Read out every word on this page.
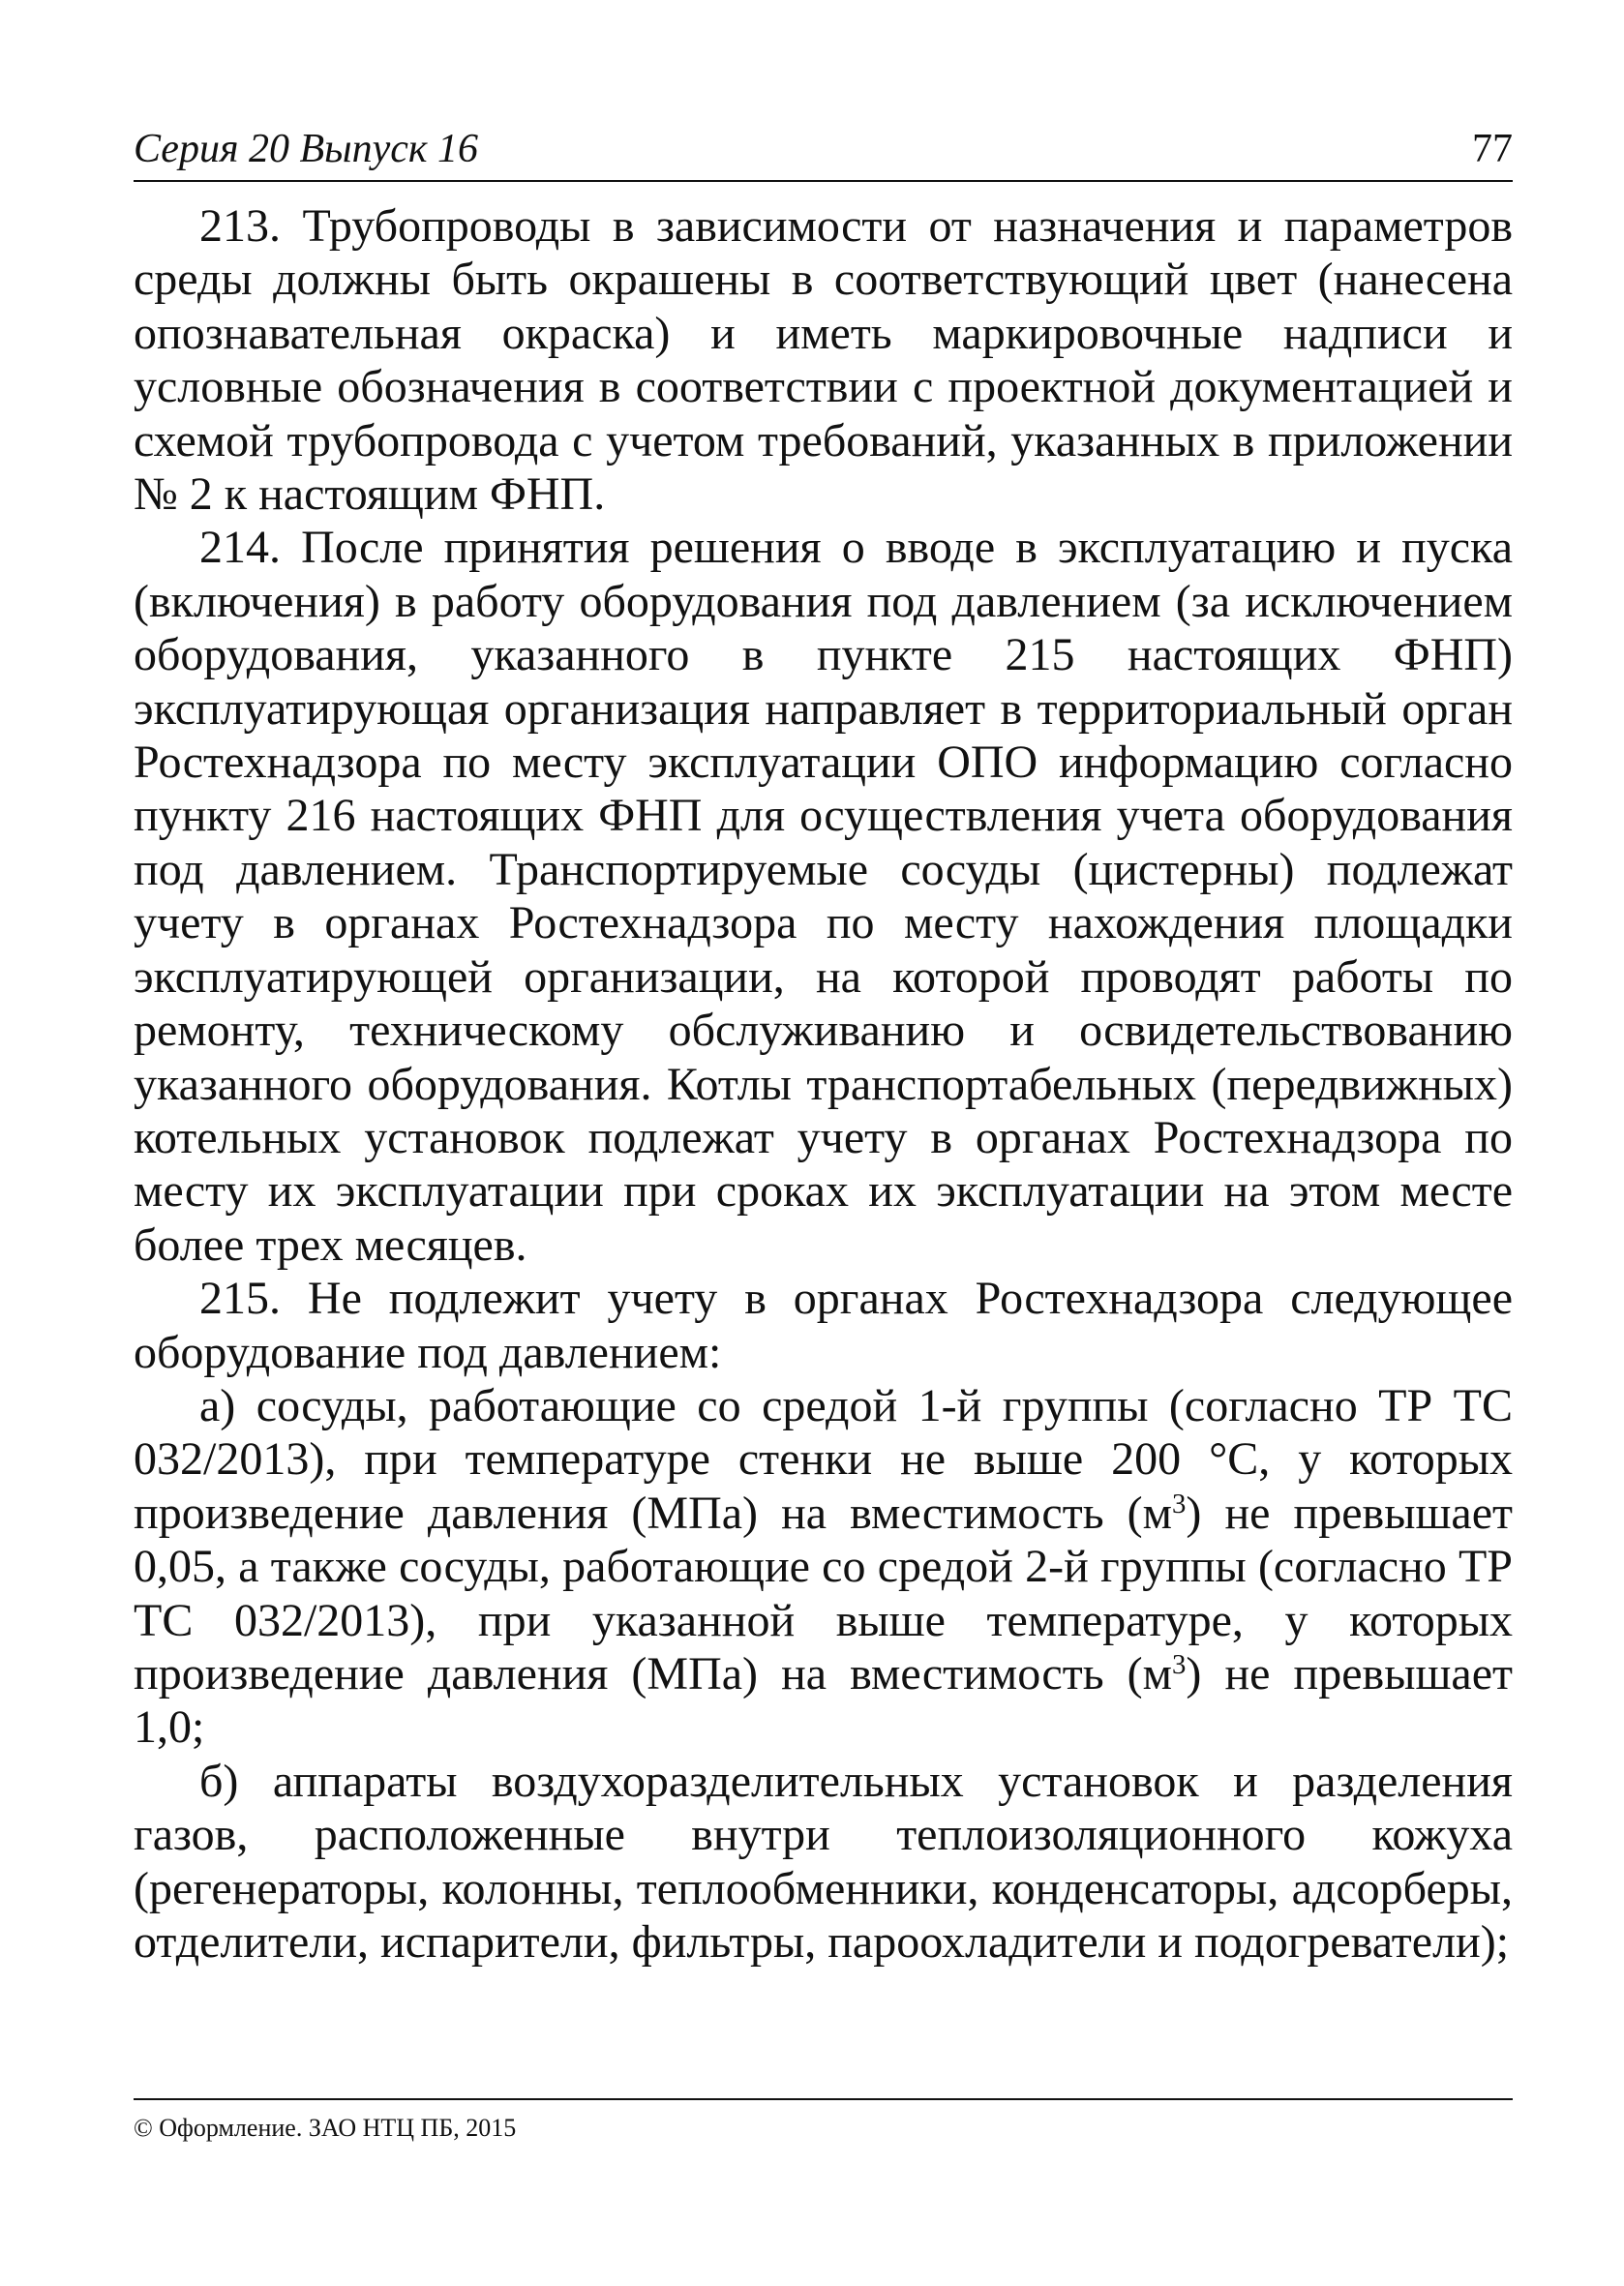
Серия 20 Выпуск 16	77

213. Трубопроводы в зависимости от назначения и параметров среды должны быть окрашены в соответствующий цвет (нанесена опознавательная окраска) и иметь маркировочные надписи и условные обозначения в соответствии с проектной документацией и схемой трубопровода с учетом требований, указанных в приложении № 2 к настоящим ФНП.

214. После принятия решения о вводе в эксплуатацию и пуска (включения) в работу оборудования под давлением (за исключением оборудования, указанного в пункте 215 настоящих ФНП) эксплуатирующая организация направляет в территориальный орган Ростехнадзора по месту эксплуатации ОПО информацию согласно пункту 216 настоящих ФНП для осуществления учета оборудования под давлением. Транспортируемые сосуды (цистерны) подлежат учету в органах Ростехнадзора по месту нахождения площадки эксплуатирующей организации, на которой проводят работы по ремонту, техническому обслуживанию и освидетельствованию указанного оборудования. Котлы транспортабельных (передвижных) котельных установок подлежат учету в органах Ростехнадзора по месту их эксплуатации при сроках их эксплуатации на этом месте более трех месяцев.

215. Не подлежит учету в органах Ростехнадзора следующее оборудование под давлением:

а) сосуды, работающие со средой 1-й группы (согласно ТР ТС 032/2013), при температуре стенки не выше 200 °С, у которых произведение давления (МПа) на вместимость $(м^3)$ не превышает 0,05, а также сосуды, работающие со средой 2-й группы (согласно ТР ТС 032/2013), при указанной выше температуре, у которых произведение давления (МПа) на вместимость $(м^3)$ не превышает 1,0;

б) аппараты воздухоразделительных установок и разделения газов, расположенные внутри теплоизоляционного кожуха (регенераторы, колонны, теплообменники, конденсаторы, адсорберы, отделители, испарители, фильтры, пароохладители и подогреватели);

© Оформление. ЗАО НТЦ ПБ, 2015
